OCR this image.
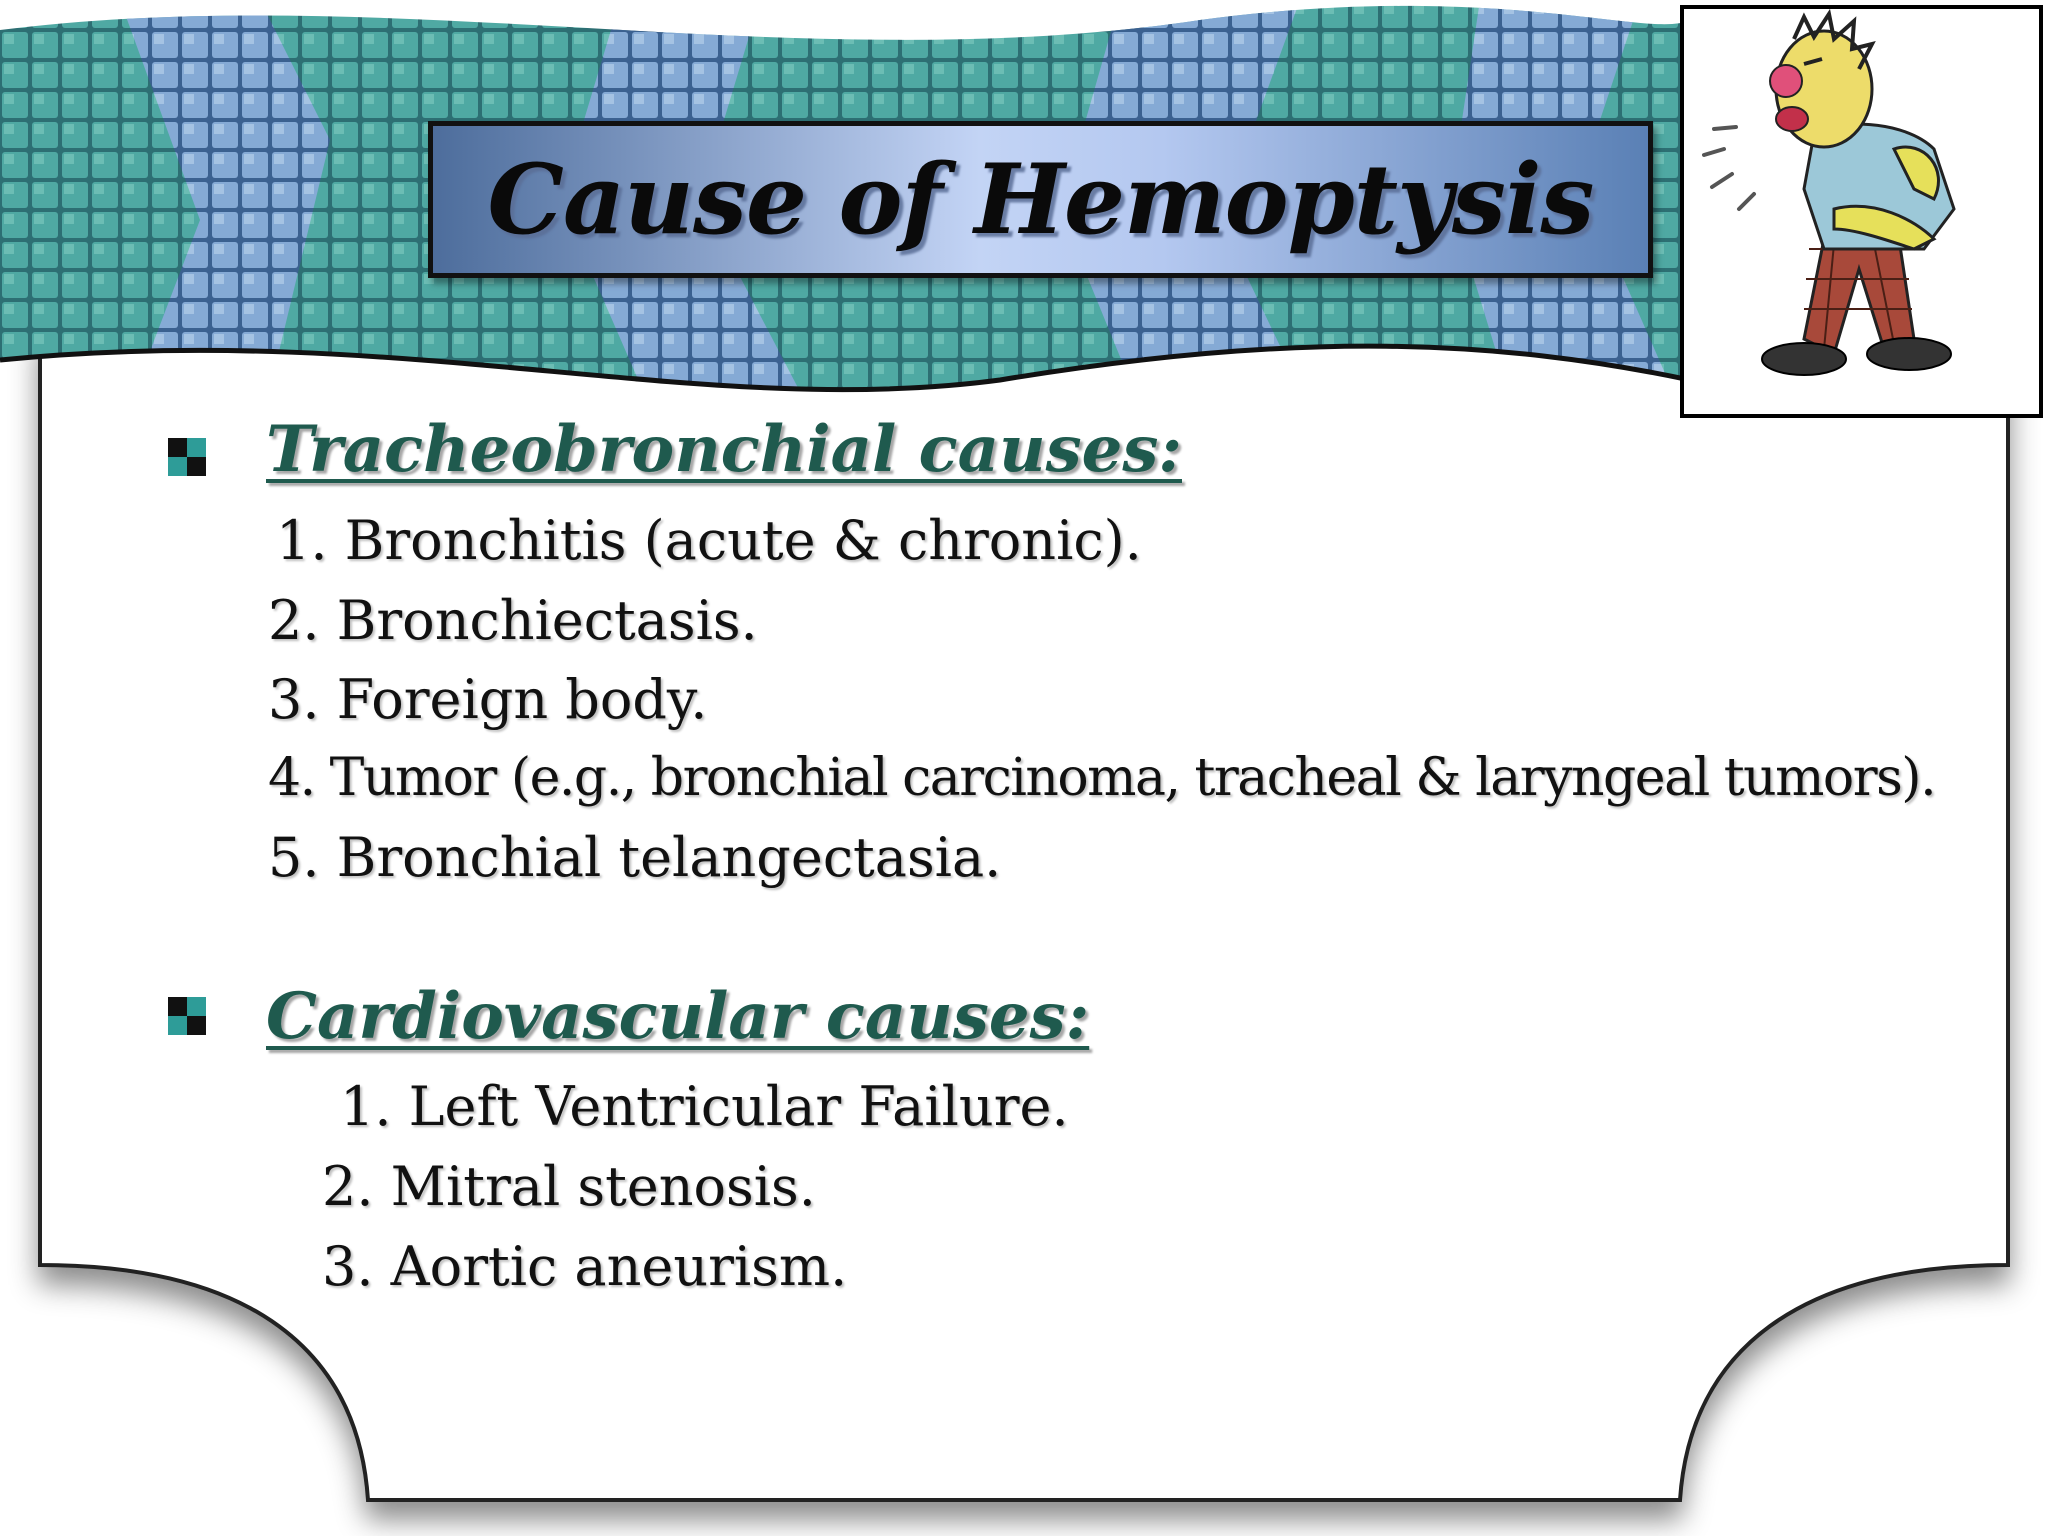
Cause of Hemoptysis
Tracheobronchial causes:
1. Bronchitis (acute & chronic).
2. Bronchiectasis.
3. Foreign body.
4. Tumor (e.g., bronchial carcinoma, tracheal & laryngeal tumors).
5. Bronchial telangectasia.
Cardiovascular causes:
1. Left Ventricular Failure.
2. Mitral stenosis.
3. Aortic aneurism.
